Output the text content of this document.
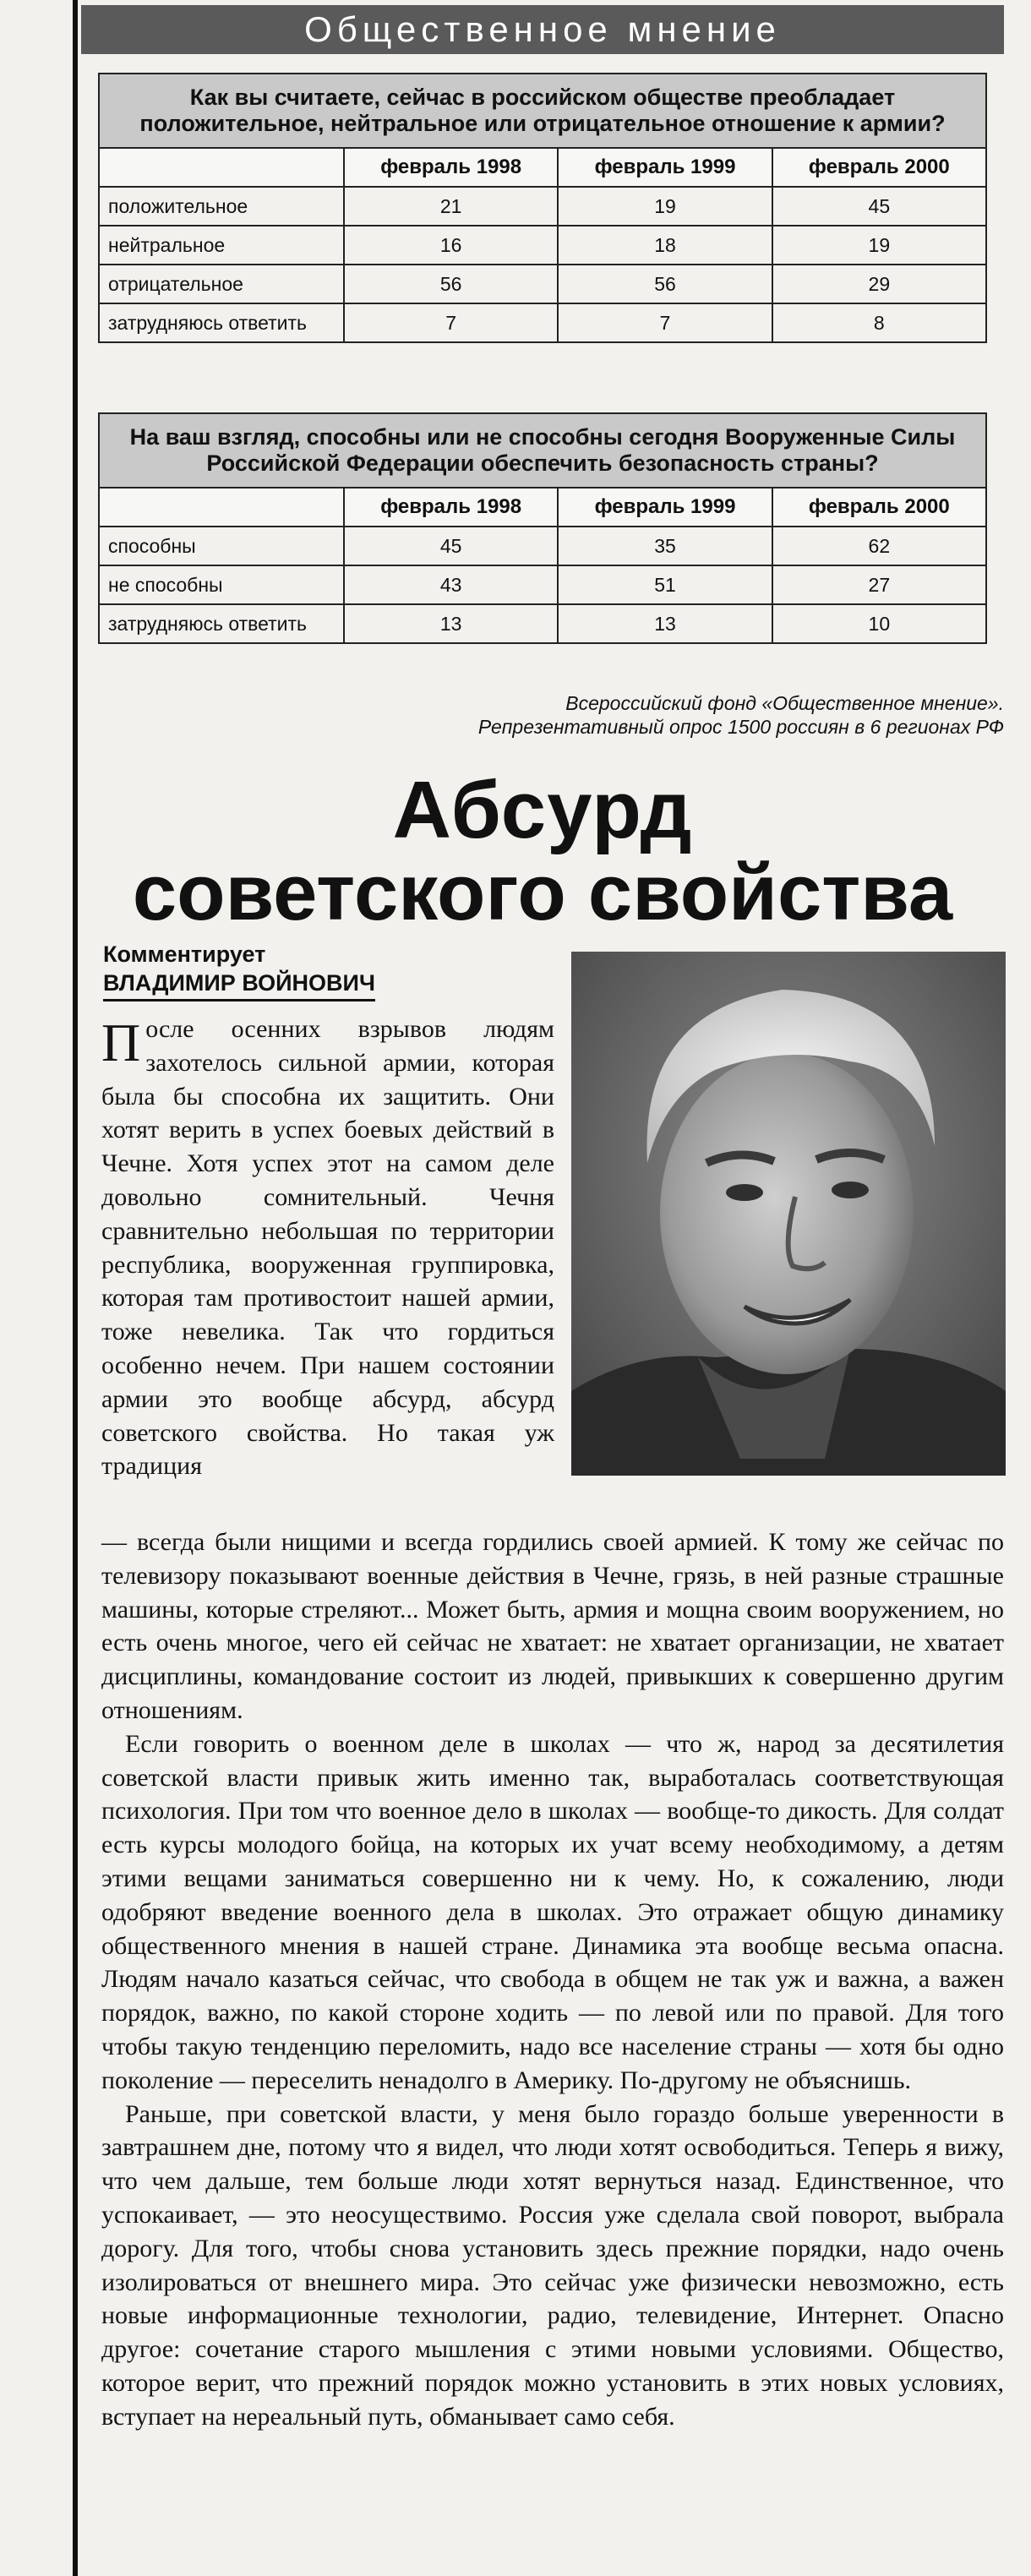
Общественное мнение
Как вы считаете, сейчас в российском обществе преобладает положительное, нейтральное или отрицательное отношение к армии?			
	февраль 1998	февраль 1999	февраль 2000
положительное	21	19	45
нейтральное	16	18	19
отрицательное	56	56	29
затрудняюсь ответить	7	7	8
На ваш взгляд, способны или не способны сегодня Вооруженные Силы Российской Федерации обеспечить безопасность страны?			
	февраль 1998	февраль 1999	февраль 2000
способны	45	35	62
не способны	43	51	27
затрудняюсь ответить	13	13	10
Всероссийский фонд «Общественное мнение».
Репрезентативный опрос 1500 россиян в 6 регионах РФ
Абсурд
советского свойства
Комментирует
ВЛАДИМИР ВОЙНОВИЧ

После осенних взрывов людям захотелось сильной армии, которая была бы способна их защитить. Они хотят верить в успех боевых действий в Чечне. Хотя успех этот на самом деле довольно сомнительный. Чечня сравнительно небольшая по территории республика, вооруженная группировка, которая там противостоит нашей армии, тоже невелика. Так что гордиться особенно нечем. При нашем состоянии армии это вообще абсурд, абсурд советского свойства. Но такая уж традиция

— всегда были нищими и всегда гордились своей армией. К тому же сейчас по телевизору показывают военные действия в Чечне, грязь, в ней разные страшные машины, которые стреляют... Может быть, армия и мощна своим вооружением, но есть очень многое, чего ей сейчас не хватает: не хватает организации, не хватает дисциплины, командование состоит из людей, привыкших к совершенно другим отношениям.

Если говорить о военном деле в школах — что ж, народ за десятилетия советской власти привык жить именно так, выработалась соответствующая психология. При том что военное дело в школах — вообще-то дикость. Для солдат есть курсы молодого бойца, на которых их учат всему необходимому, а детям этими вещами заниматься совершенно ни к чему. Но, к сожалению, люди одобряют введение военного дела в школах. Это отражает общую динамику общественного мнения в нашей стране. Динамика эта вообще весьма опасна. Людям начало казаться сейчас, что свобода в общем не так уж и важна, а важен порядок, важно, по какой стороне ходить — по левой или по правой. Для того чтобы такую тенденцию переломить, надо все население страны — хотя бы одно поколение — переселить ненадолго в Америку. По-другому не объяснишь.

Раньше, при советской власти, у меня было гораздо больше уверенности в завтрашнем дне, потому что я видел, что люди хотят освободиться. Теперь я вижу, что чем дальше, тем больше люди хотят вернуться назад. Единственное, что успокаивает, — это неосуществимо. Россия уже сделала свой поворот, выбрала дорогу. Для того, чтобы снова установить здесь прежние порядки, надо очень изолироваться от внешнего мира. Это сейчас уже физически невозможно, есть новые информационные технологии, радио, телевидение, Интернет. Опасно другое: сочетание старого мышления с этими новыми условиями. Общество, которое верит, что прежний порядок можно установить в этих новых условиях, вступает на нереальный путь, обманывает само себя.
